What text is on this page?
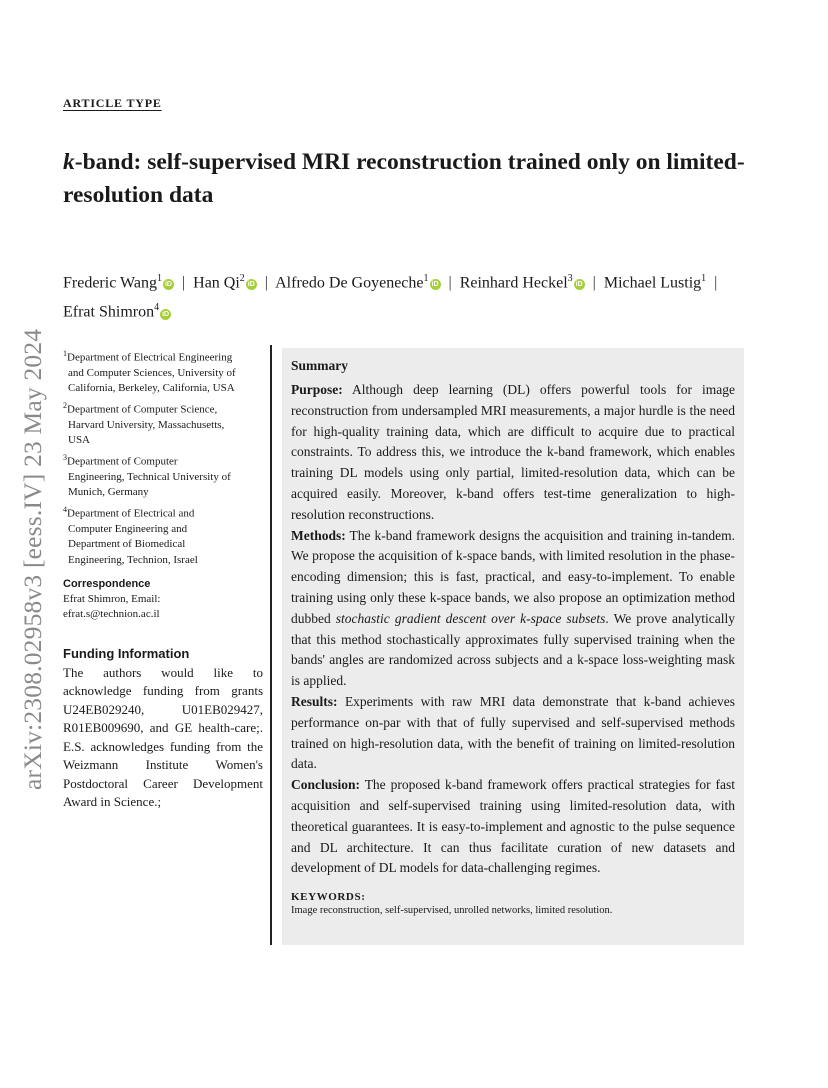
arXiv:2308.02958v3 [eess.IV] 23 May 2024
ARTICLE TYPE
k-band: self-supervised MRI reconstruction trained only on limited-resolution data
Frederic Wang$^1$iD | Han Qi$^2$iD | Alfredo De Goyeneche$^1$iD | Reinhard Heckel$^3$iD | Michael Lustig$^1$ | Efrat Shimron$^4$iD
$^1$Department of Electrical Engineering
and Computer Sciences, University of
California, Berkeley, California, USA
$^2$Department of Computer Science,
Harvard University, Massachusetts,
USA
$^3$Department of Computer
Engineering, Technical University of
Munich, Germany
$^4$Department of Electrical and
Computer Engineering and
Department of Biomedical
Engineering, Technion, Israel
Correspondence
Efrat Shimron, Email:
efrat.s@technion.ac.il
Funding Information
The authors would like to acknowledge funding from grants U24EB029240, U01EB029427, R01EB009690, and GE health-care;. E.S. acknowledges funding from the Weizmann Institute Women's Postdoctoral Career Development Award in Science.;
Summary
Purpose: Although deep learning (DL) offers powerful tools for image reconstruction from undersampled MRI measurements, a major hurdle is the need for high-quality training data, which are difficult to acquire due to practical constraints. To address this, we introduce the k-band framework, which enables training DL models using only partial, limited-resolution data, which can be acquired easily. Moreover, k-band offers test-time generalization to high-resolution reconstructions.
Methods: The k-band framework designs the acquisition and training in-tandem. We propose the acquisition of k-space bands, with limited resolution in the phase-encoding dimension; this is fast, practical, and easy-to-implement. To enable training using only these k-space bands, we also propose an optimization method dubbed stochastic gradient descent over k-space subsets. We prove analytically that this method stochastically approximates fully supervised training when the bands' angles are randomized across subjects and a k-space loss-weighting mask is applied.
Results: Experiments with raw MRI data demonstrate that k-band achieves performance on-par with that of fully supervised and self-supervised methods trained on high-resolution data, with the benefit of training on limited-resolution data.
Conclusion: The proposed k-band framework offers practical strategies for fast acquisition and self-supervised training using limited-resolution data, with theoretical guarantees. It is easy-to-implement and agnostic to the pulse sequence and DL architecture. It can thus facilitate curation of new datasets and development of DL models for data-challenging regimes.
KEYWORDS:
Image reconstruction, self-supervised, unrolled networks, limited resolution.
